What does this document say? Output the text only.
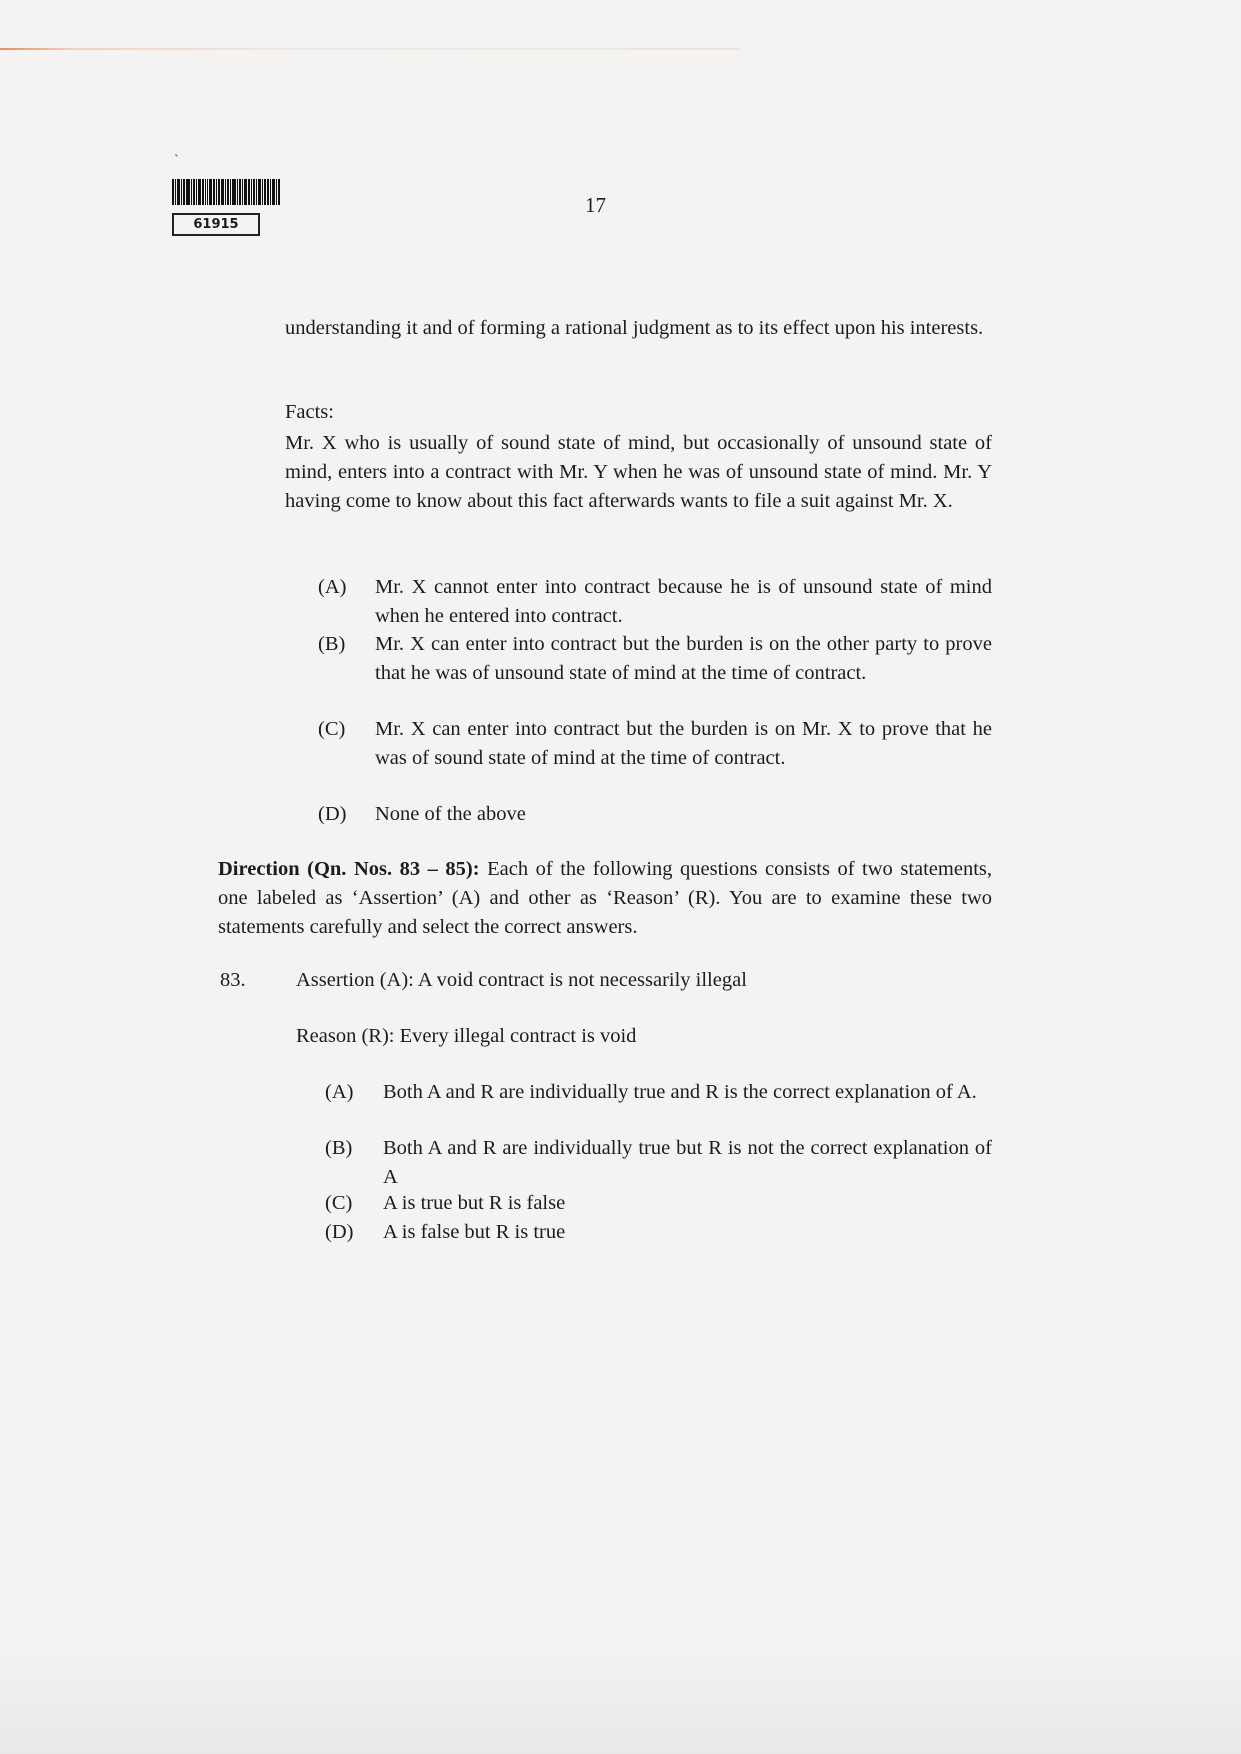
`
61915
17
understanding it and of forming a rational judgment as to its effect upon his interests.
Facts:
Mr. X who is usually of sound state of mind, but occasionally of unsound state of mind, enters into a contract with Mr. Y when he was of unsound state of mind. Mr. Y having come to know about this fact afterwards wants to file a suit against Mr. X.
(A) Mr. X cannot enter into contract because he is of unsound state of mind when he entered into contract.
(B) Mr. X can enter into contract but the burden is on the other party to prove that he was of unsound state of mind at the time of contract.
(C) Mr. X can enter into contract but the burden is on Mr. X to prove that he was of sound state of mind at the time of contract.
(D) None of the above
Direction (Qn. Nos. 83 – 85): Each of the following questions consists of two statements, one labeled as ‘Assertion’ (A) and other as ‘Reason’ (R). You are to examine these two statements carefully and select the correct answers.
83.	Assertion (A): A void contract is not necessarily illegal
Reason (R): Every illegal contract is void
(A) Both A and R are individually true and R is the correct explanation of A.
(B) Both A and R are individually true but R is not the correct explanation of A
(C) A is true but R is false
(D) A is false but R is true
